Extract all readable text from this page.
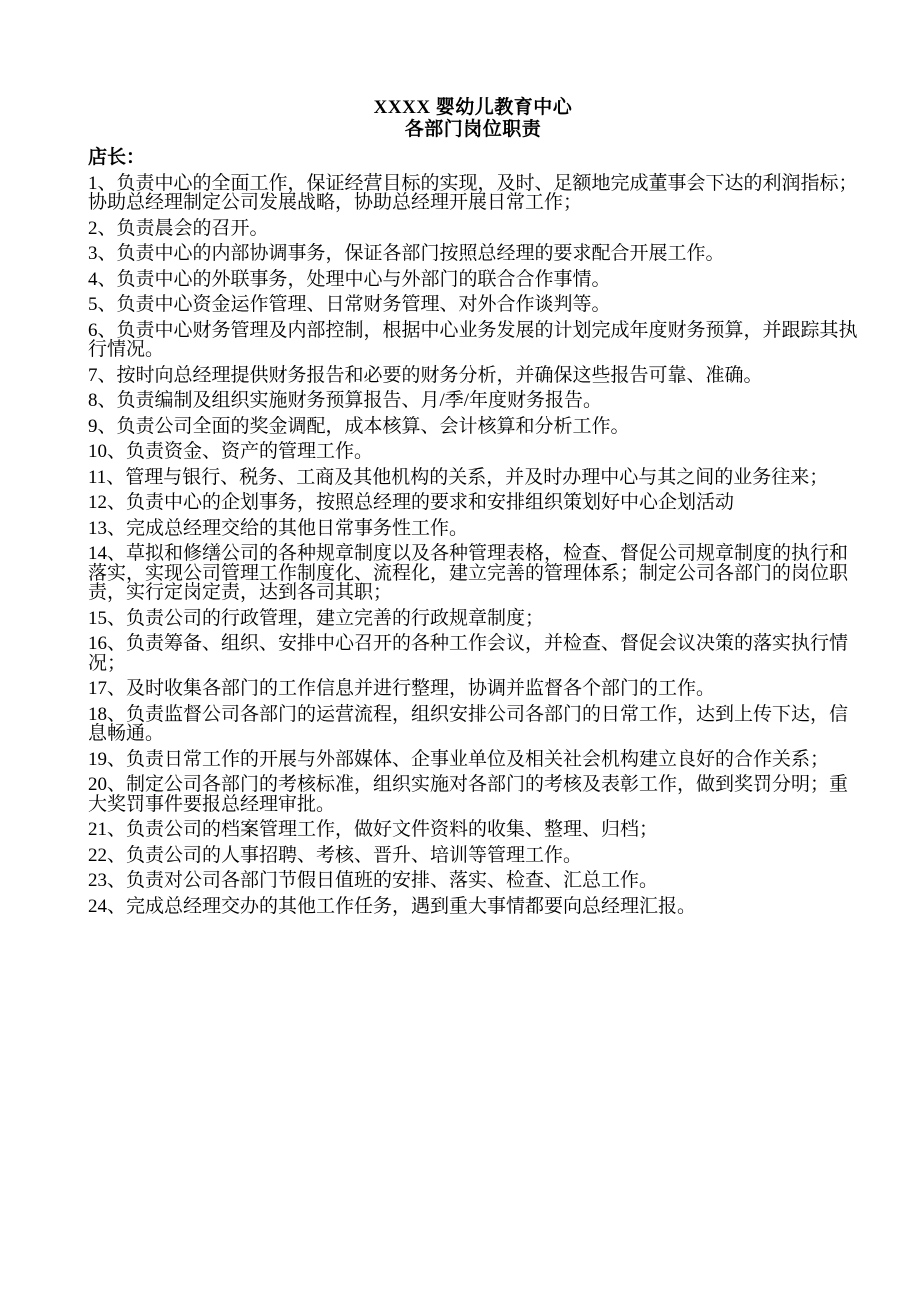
XXXX 婴幼儿教育中心
各部门岗位职责
店长：

1、负责中心的全面工作，保证经营目标的实现，及时、足额地完成董事会下达的利润指标；协助总经理制定公司发展战略，协助总经理开展日常工作；

2、负责晨会的召开。

3、负责中心的内部协调事务，保证各部门按照总经理的要求配合开展工作。

4、负责中心的外联事务，处理中心与外部门的联合合作事情。

5、负责中心资金运作管理、日常财务管理、对外合作谈判等。

6、负责中心财务管理及内部控制，根据中心业务发展的计划完成年度财务预算，并跟踪其执行情况。

7、按时向总经理提供财务报告和必要的财务分析，并确保这些报告可靠、准确。

8、负责编制及组织实施财务预算报告、月/季/年度财务报告。

9、负责公司全面的奖金调配，成本核算、会计核算和分析工作。

10、负责资金、资产的管理工作。

11、管理与银行、税务、工商及其他机构的关系，并及时办理中心与其之间的业务往来；

12、负责中心的企划事务，按照总经理的要求和安排组织策划好中心企划活动

13、完成总经理交给的其他日常事务性工作。

14、草拟和修缮公司的各种规章制度以及各种管理表格，检查、督促公司规章制度的执行和落实，实现公司管理工作制度化、流程化，建立完善的管理体系；制定公司各部门的岗位职责，实行定岗定责，达到各司其职；

15、负责公司的行政管理，建立完善的行政规章制度；

16、负责筹备、组织、安排中心召开的各种工作会议，并检查、督促会议决策的落实执行情况；

17、及时收集各部门的工作信息并进行整理，协调并监督各个部门的工作。

18、负责监督公司各部门的运营流程，组织安排公司各部门的日常工作，达到上传下达，信息畅通。

19、负责日常工作的开展与外部媒体、企事业单位及相关社会机构建立良好的合作关系；

20、制定公司各部门的考核标准，组织实施对各部门的考核及表彰工作，做到奖罚分明；重大奖罚事件要报总经理审批。

21、负责公司的档案管理工作，做好文件资料的收集、整理、归档；

22、负责公司的人事招聘、考核、晋升、培训等管理工作。

23、负责对公司各部门节假日值班的安排、落实、检查、汇总工作。

24、完成总经理交办的其他工作任务，遇到重大事情都要向总经理汇报。
